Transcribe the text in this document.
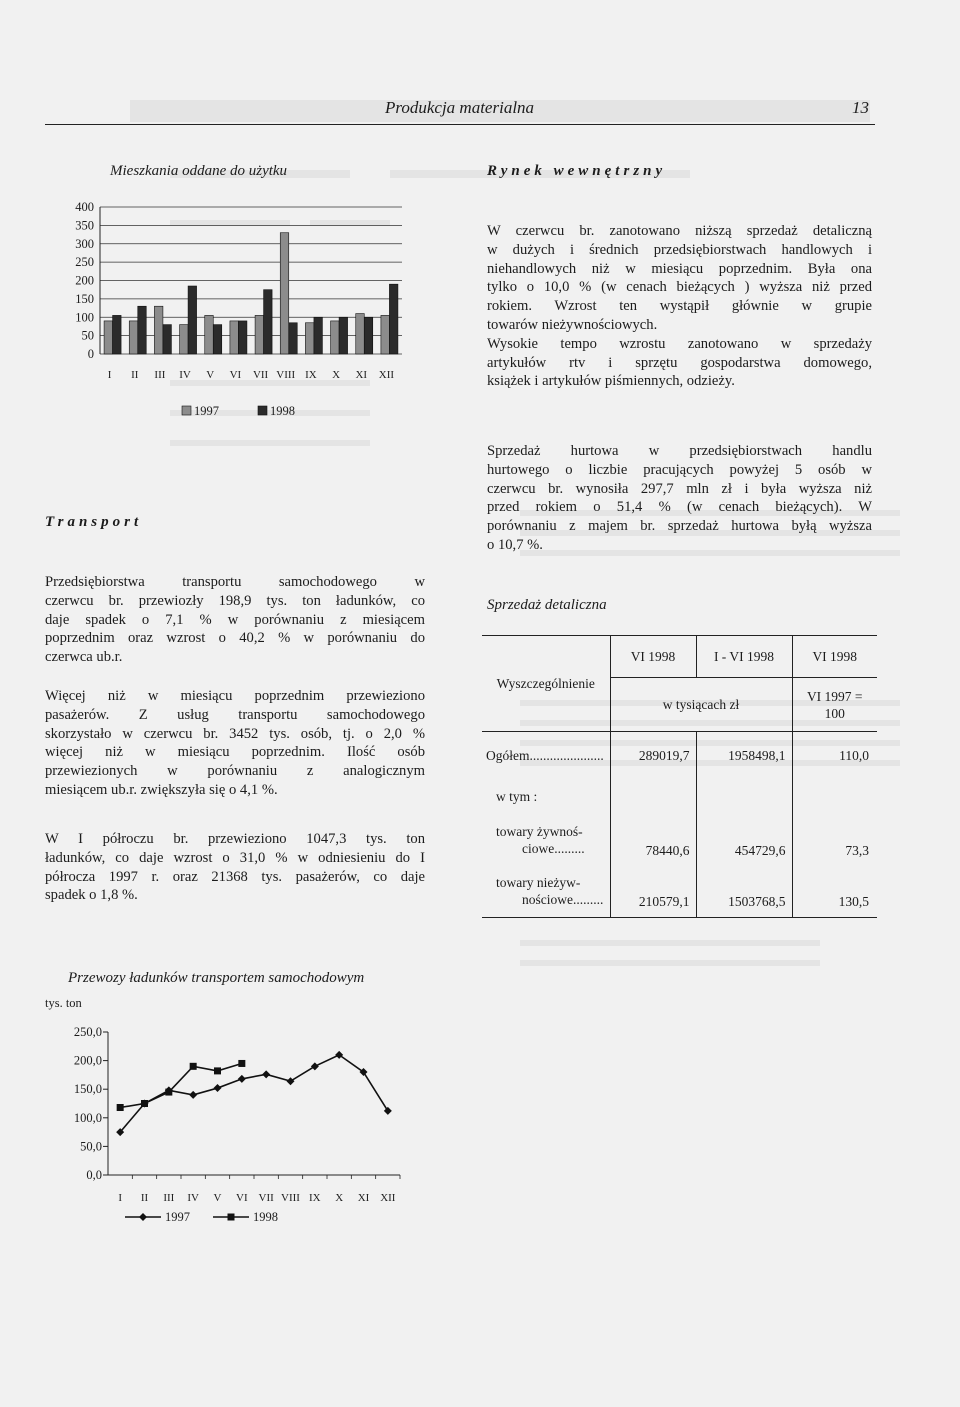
Produkcja materialna	13
Mieszkania oddane do użytku
400
350
300
250
200
150
100
50
0
I II III IV V VI VII VIII IX X XI XII
1997	1998
Transport
Przedsiębiorstwa transportu samochodowego w
czerwcu br. przewiozły 198,9 tys. ton ładunków, co
daje spadek o 7,1 % w porównaniu z miesiącem
poprzednim oraz wzrost o 40,2 % w porównaniu do
czerwca ub.r.
Więcej niż w miesiącu poprzednim przewieziono
pasażerów. Z usług transportu samochodowego
skorzystało w czerwcu br. 3452 tys. osób, tj. o 2,0 %
więcej niż w miesiącu poprzednim. Ilość osób
przewiezionych w porównaniu z analogicznym
miesiącem ub.r. zwiększyła się o 4,1 %.
W I półroczu br. przewieziono 1047,3 tys. ton
ładunków, co daje wzrost o 31,0 % w odniesieniu do I
półrocza 1997 r. oraz 21368 tys. pasażerów, co daje
spadek o 1,8 %.
Przewozy ładunków transportem samochodowym
tys. ton
250,0
200,0
150,0
100,0
50,0
0,0
I II III IV V VI VII VIII IX X XI XII
1997	1998
Rynek wewnętrzny
W czerwcu br. zanotowano niższą sprzedaż detaliczną
w dużych i średnich przedsiębiorstwach handlowych i
niehandlowych niż w miesiącu poprzednim. Była ona
tylko o 10,0 % (w cenach bieżących ) wyższa niż przed
rokiem. Wzrost ten wystąpił głównie w grupie
towarów nieżywnościowych.
Wysokie tempo wzrostu zanotowano w sprzedaży
artykułów rtv i sprzętu gospodarstwa domowego,
książek i artykułów piśmiennych, odzieży.
Sprzedaż hurtowa w przedsiębiorstwach handlu
hurtowego o liczbie pracujących powyżej 5 osób w
czerwcu br. wynosiła 297,7 mln zł i była wyższa niż
przed rokiem o 51,4 % (w cenach bieżących). W
porównaniu z majem br. sprzedaż hurtowa byłą wyższa
o 10,7 %.
Sprzedaż detaliczna

Wyszczególnienie	VI 1998	I - VI 1998	VI 1998
	w tysiącach zł		VI 1997 = 100
Ogółem......................	289019,7	1958498,1	110,0
w tym :			

towary żywnoś-
ciowe.........	78440,6	454729,6	73,3

towary nieżyw-
nościowe.........	210579,1	1503768,5	130,5
